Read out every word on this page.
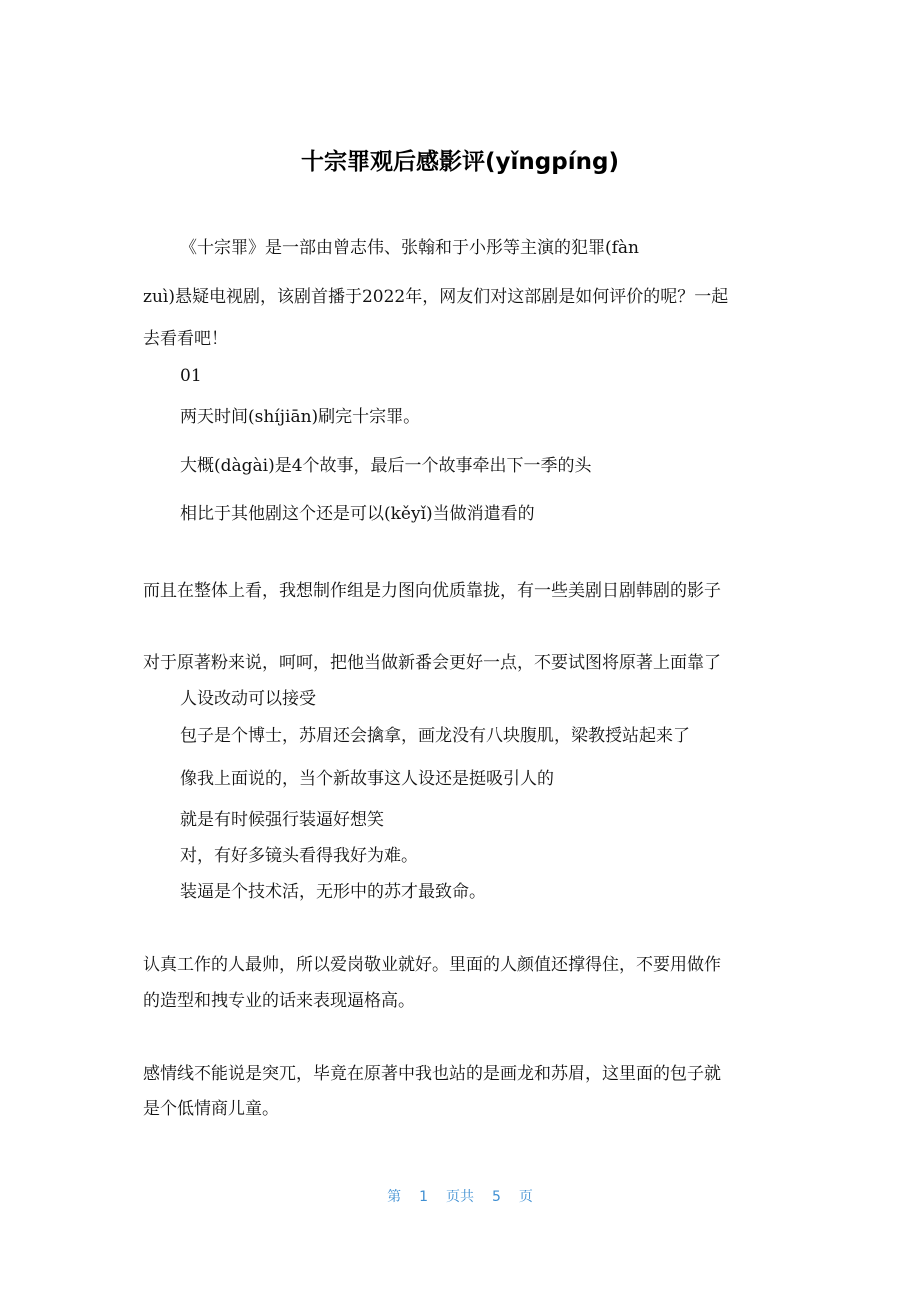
十宗罪观后感影评(yǐngpíng)
《十宗罪》是一部由曾志伟、张翰和于小彤等主演的犯罪(fàn
zuì)悬疑电视剧，该剧首播于2022年，网友们对这部剧是如何评价的呢？一起
去看看吧！
01
两天时间(shíjiān)刷完十宗罪。
大概(dàgài)是4个故事，最后一个故事牵出下一季的头
相比于其他剧这个还是可以(kěyǐ)当做消遣看的
而且在整体上看，我想制作组是力图向优质靠拢，有一些美剧日剧韩剧的影子
对于原著粉来说，呵呵，把他当做新番会更好一点，不要试图将原著上面靠了
人设改动可以接受
包子是个博士，苏眉还会擒拿，画龙没有八块腹肌，梁教授站起来了
像我上面说的，当个新故事这人设还是挺吸引人的
就是有时候强行装逼好想笑
对，有好多镜头看得我好为难。
装逼是个技术活，无形中的苏才最致命。
认真工作的人最帅，所以爱岗敬业就好。里面的人颜值还撑得住，不要用做作
的造型和拽专业的话来表现逼格高。
感情线不能说是突兀，毕竟在原著中我也站的是画龙和苏眉，这里面的包子就
是个低情商儿童。
第 1 页共 5 页
